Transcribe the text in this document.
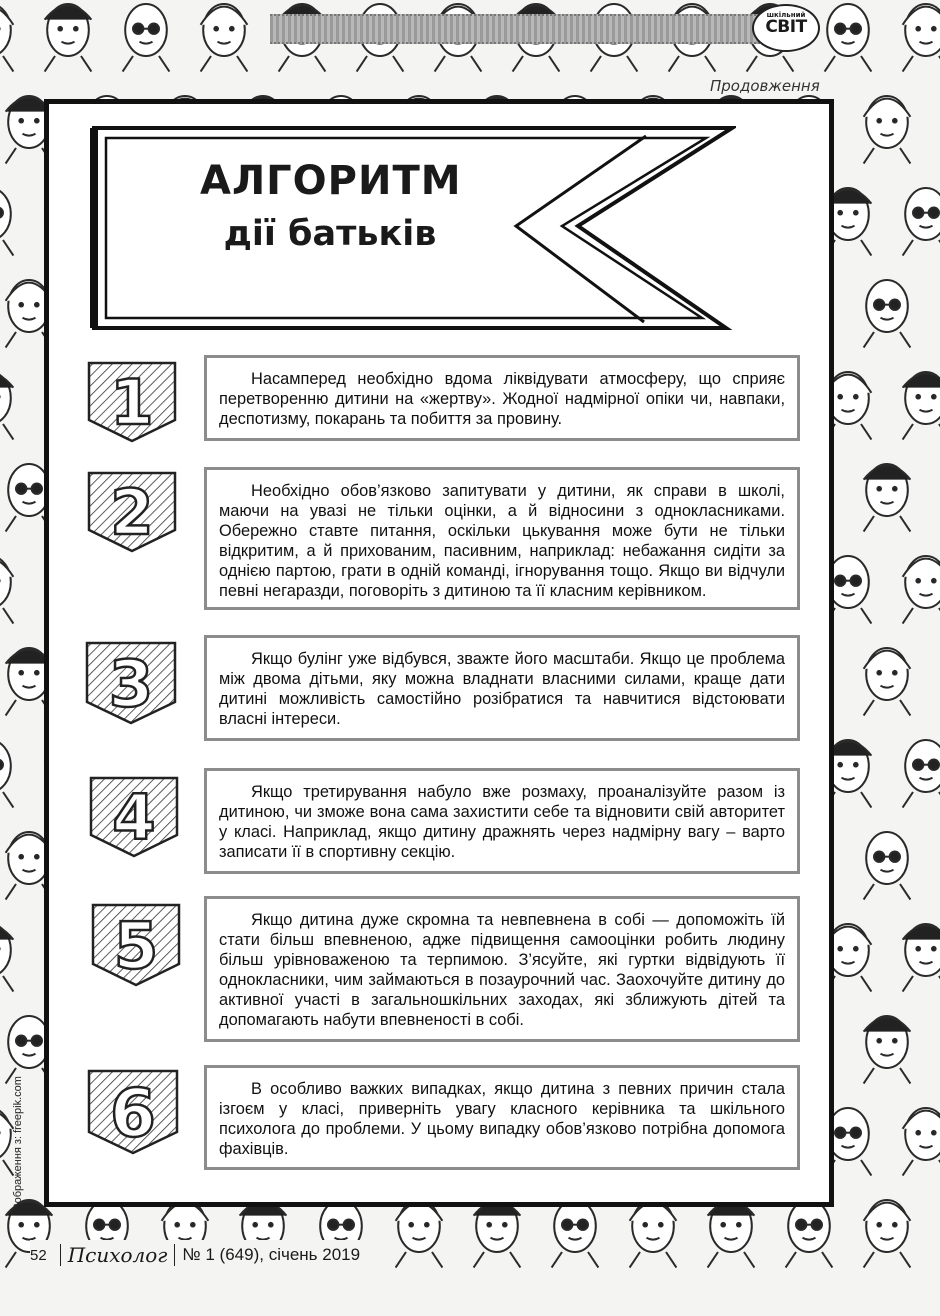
шкільний
СВІТ
Продовження
АЛГОРИТМ
дії батьків
1	Насамперед необхідно вдома ліквідувати атмосферу, що сприяє перетворенню дитини на «жертву». Жодної надмірної опіки чи, навпаки, деспотизму, покарань та побиття за провину.

2	Необхідно обов’язково запитувати у дитини, як справи в школі, маючи на увазі не тільки оцінки, а й відносини з однокласниками. Обережно ставте питання, оскільки цькування може бути не тільки відкритим, а й прихованим, пасивним, наприклад: небажання сидіти за однією партою, грати в одній команді, ігнорування тощо. Якщо ви відчули певні негаразди, поговоріть з дитиною та її класним керівником.

3	Якщо булінг уже відбувся, зважте його масштаби. Якщо це проблема між двома дітьми, яку можна владнати власними силами, краще дати дитині можливість самостійно розібратися та навчитися відстоювати власні інтереси.

4	Якщо третирування набуло вже розмаху, проаналізуйте разом із дитиною, чи зможе вона сама захистити себе та відновити свій авторитет у класі. Наприклад, якщо дитину дражнять через надмірну вагу – варто записати її в спортивну секцію.

5	Якщо дитина дуже скромна та невпевнена в собі — допоможіть їй стати більш впевненою, адже підвищення самооцінки робить людину більш урівноваженою та терпимою. З’ясуйте, які гуртки відвідують її однокласники, чим займаються в позаурочний час. Заохочуйте дитину до активної участі в загальношкільних заходах, які зближують дітей та допомагають набути впевненості в собі.

6	В особливо важких випадках, якщо дитина з певних причин стала ізгоєм у класі, приверніть увагу класного керівника та шкільного психолога до проблеми. У цьому випадку обов’язково потрібна допомога фахівців.

Зображення з: freepik.com
52 Психолог № 1 (649), січень 2019
